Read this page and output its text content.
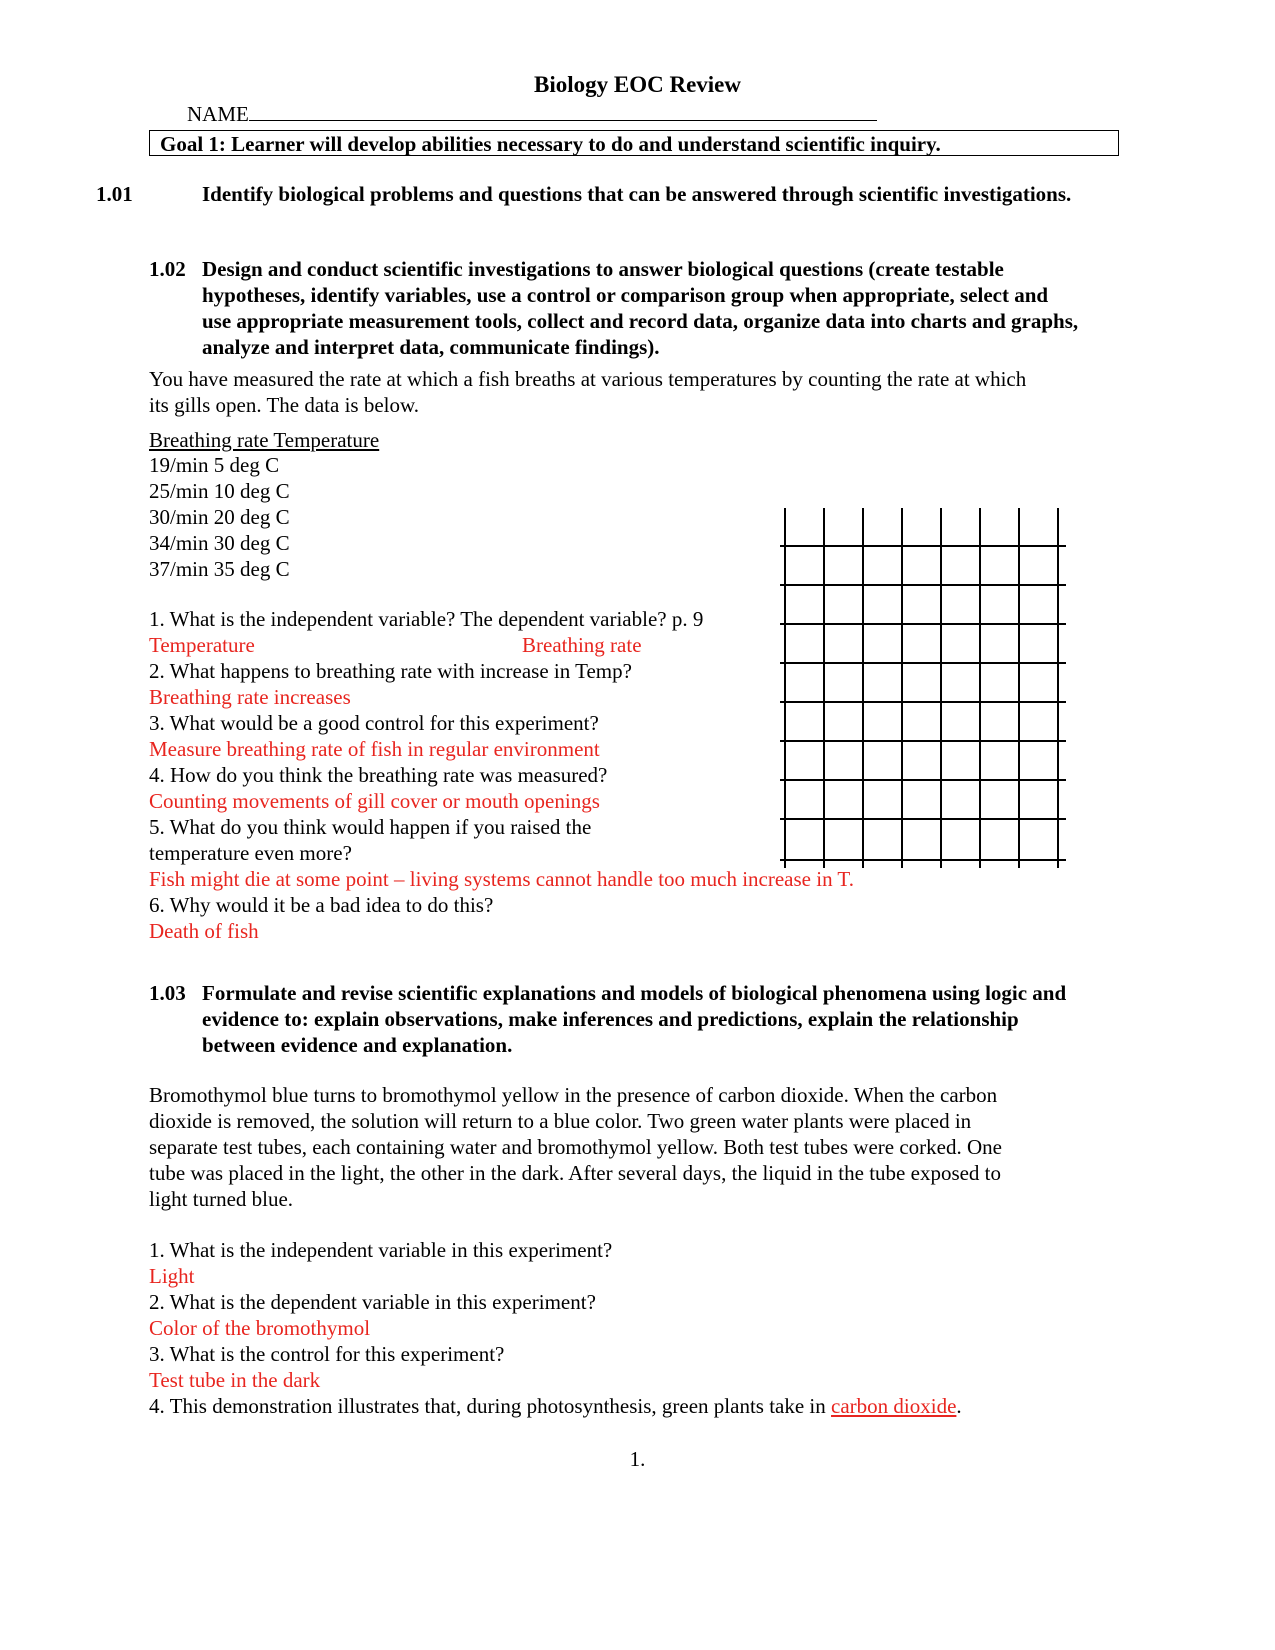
Biology EOC Review
NAME
Goal 1: Learner will develop abilities necessary to do and understand scientific inquiry.
1.01	Identify biological problems and questions that can be answered through scientific investigations.
1.02 Design and conduct scientific investigations to answer biological questions (create testable hypotheses, identify variables, use a control or comparison group when appropriate, select and use appropriate measurement tools, collect and record data, organize data into charts and graphs, analyze and interpret data, communicate findings).
You have measured the rate at which a fish breaths at various temperatures by counting the rate at which
its gills open. The data is below.
Breathing rate Temperature
19/min 5 deg C
25/min 10 deg C
30/min 20 deg C
34/min 30 deg C
37/min 35 deg C
1. What is the independent variable? The dependent variable? p. 9
Temperature	Breathing rate
2. What happens to breathing rate with increase in Temp?
Breathing rate increases
3. What would be a good control for this experiment?
Measure breathing rate of fish in regular environment
4. How do you think the breathing rate was measured?
Counting movements of gill cover or mouth openings
5. What do you think would happen if you raised the
temperature even more?
Fish might die at some point – living systems cannot handle too much increase in T.
6. Why would it be a bad idea to do this?
Death of fish
1.03 Formulate and revise scientific explanations and models of biological phenomena using logic and evidence to: explain observations, make inferences and predictions, explain the relationship between evidence and explanation.
Bromothymol blue turns to bromothymol yellow in the presence of carbon dioxide. When the carbon
dioxide is removed, the solution will return to a blue color. Two green water plants were placed in
separate test tubes, each containing water and bromothymol yellow. Both test tubes were corked. One
tube was placed in the light, the other in the dark. After several days, the liquid in the tube exposed to
light turned blue.
1. What is the independent variable in this experiment?
Light
2. What is the dependent variable in this experiment?
Color of the bromothymol
3. What is the control for this experiment?
Test tube in the dark
4. This demonstration illustrates that, during photosynthesis, green plants take in carbon dioxide.
1.
